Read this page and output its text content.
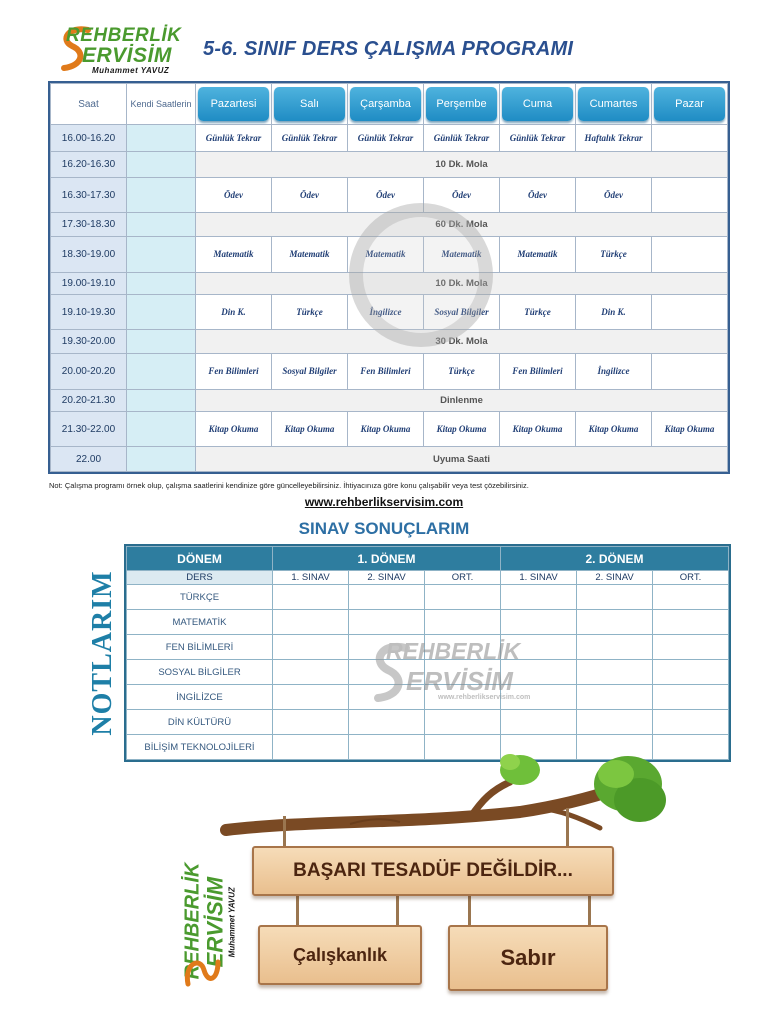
REHBERLİK
ERVİSİM
Muhammet YAVUZ
5-6. SINIF DERS ÇALIŞMA PROGRAMI
Saat	Kendi Saatlerin	Pazartesi	Salı	Çarşamba	Perşembe	Cuma	Cumartes	Pazar

16.00-16.20		Günlük Tekrar	Günlük Tekrar	Günlük Tekrar	Günlük Tekrar	Günlük Tekrar	Haftalık Tekrar	
16.20-16.30		10 Dk. Mola						
16.30-17.30		Ödev	Ödev	Ödev	Ödev	Ödev	Ödev	
17.30-18.30		60 Dk. Mola						
18.30-19.00		Matematik	Matematik	Matematik	Matematik	Matematik	Türkçe	
19.00-19.10		10 Dk. Mola						
19.10-19.30		Din K.	Türkçe	İngilizce	Sosyal Bilgiler	Türkçe	Din K.	
19.30-20.00		30 Dk. Mola						
20.00-20.20		Fen Bilimleri	Sosyal Bilgiler	Fen Bilimleri	Türkçe	Fen Bilimleri	İngilizce	
20.20-21.30		Dinlenme						
21.30-22.00		Kitap Okuma	Kitap Okuma	Kitap Okuma	Kitap Okuma	Kitap Okuma	Kitap Okuma	Kitap Okuma
22.00		Uyuma Saati						
Not: Çalışma programı örnek olup, çalışma saatlerini kendinize göre güncelleyebilirsiniz. İhtiyacınıza göre konu çalışabilir veya test çözebilirsiniz.
www.rehberlikservisim.com
SINAV SONUÇLARIM
NOTLARIM
DÖNEM	1. DÖNEM			2. DÖNEM		
DERS	1. SINAV	2. SINAV	ORT.	1. SINAV	2. SINAV	ORT.
TÜRKÇE						
MATEMATİK						
FEN BİLİMLERİ						
SOSYAL BİLGİLER						
İNGİLİZCE						
DİN KÜLTÜRÜ						
BİLİŞİM TEKNOLOJİLERİ						
REHBERLİK
ERVİSİM
www.rehberlikservisim.com
REHBERLİK ERVİSİM Muhammet YAVUZ
BAŞARI TESADÜF DEĞİLDİR...
Çalışkanlık	Sabır
